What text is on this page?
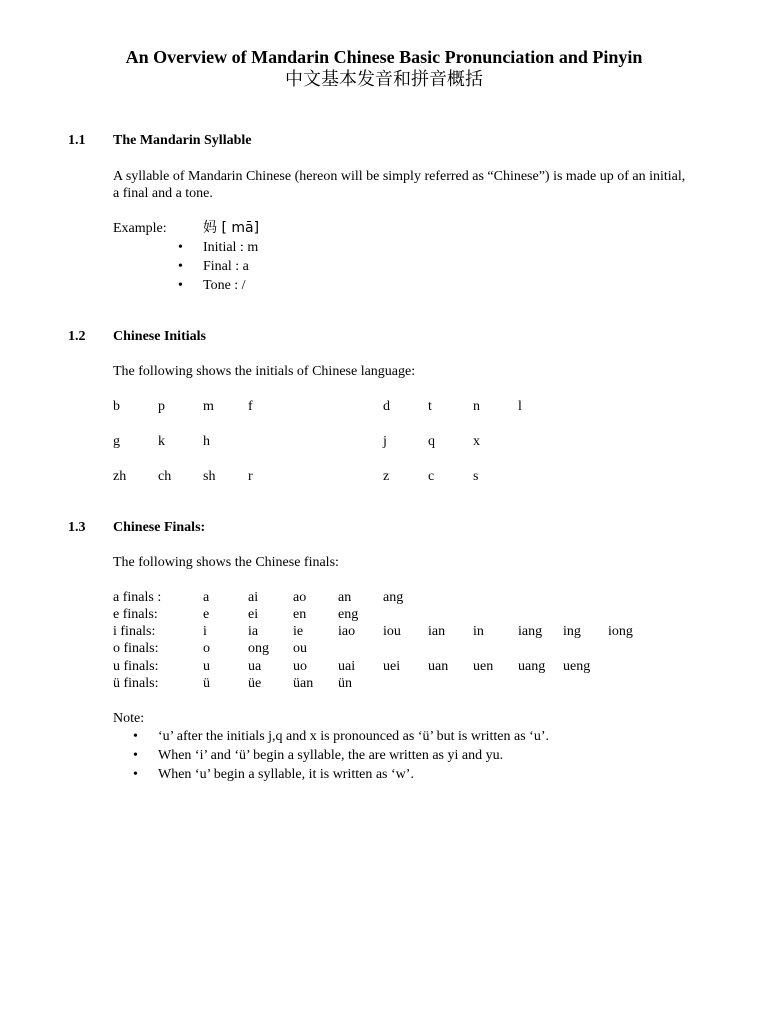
An Overview of Mandarin Chinese Basic Pronunciation and Pinyin
中文基本发音和拼音概括
1.1 The Mandarin Syllable
A syllable of Mandarin Chinese (hereon will be simply referred as “Chinese”) is made up of an initial, a final and a tone.
Example:	妈 [ mā]
•	Initial : m
•	Final : a
•	Tone : /
1.2 Chinese Initials
The following shows the initials of Chinese language:
b	p	m f	d	t	n	l
g	k	h	j	q	x
zh ch sh r	z	c	s
1.3 Chinese Finals:
The following shows the Chinese finals:
a finals :	a	ai ao an ang
e finals:	e	ei en eng
i finals:	i	ia ie iao iou ian in iang ing iong
o finals:	o	ong ou
u finals:	u	ua uo uai uei uan uen uang ueng
ü finals:	ü	üe üan ün
Note:
• ‘u’ after the initials j,q and x is pronounced as ‘ü’ but is written as ‘u’.
• When ‘i’ and ‘ü’ begin a syllable, the are written as yi and yu.
• When ‘u’ begin a syllable, it is written as ‘w’.
